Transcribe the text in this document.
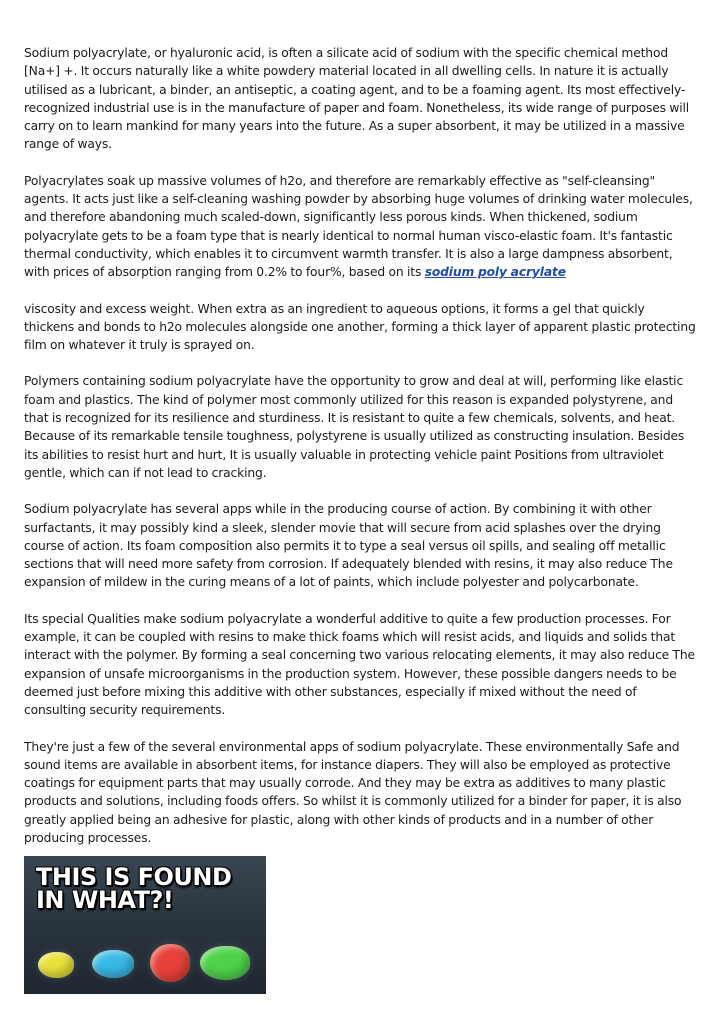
Sodium polyacrylate, or hyaluronic acid, is often a silicate acid of sodium with the specific chemical method [Na+] +. It occurs naturally like a white powdery material located in all dwelling cells. In nature it is actually utilised as a lubricant, a binder, an antiseptic, a coating agent, and to be a foaming agent. Its most effectively-recognized industrial use is in the manufacture of paper and foam. Nonetheless, its wide range of purposes will carry on to learn mankind for many years into the future. As a super absorbent, it may be utilized in a massive range of ways.

Polyacrylates soak up massive volumes of h2o, and therefore are remarkably effective as "self-cleansing" agents. It acts just like a self-cleaning washing powder by absorbing huge volumes of drinking water molecules, and therefore abandoning much scaled-down, significantly less porous kinds. When thickened, sodium polyacrylate gets to be a foam type that is nearly identical to normal human visco-elastic foam. It's fantastic thermal conductivity, which enables it to circumvent warmth transfer. It is also a large dampness absorbent, with prices of absorption ranging from 0.2% to four%, based on its sodium poly acrylate

viscosity and excess weight. When extra as an ingredient to aqueous options, it forms a gel that quickly thickens and bonds to h2o molecules alongside one another, forming a thick layer of apparent plastic protecting film on whatever it truly is sprayed on.

Polymers containing sodium polyacrylate have the opportunity to grow and deal at will, performing like elastic foam and plastics. The kind of polymer most commonly utilized for this reason is expanded polystyrene, and that is recognized for its resilience and sturdiness. It is resistant to quite a few chemicals, solvents, and heat. Because of its remarkable tensile toughness, polystyrene is usually utilized as constructing insulation. Besides its abilities to resist hurt and hurt, It is usually valuable in protecting vehicle paint Positions from ultraviolet gentle, which can if not lead to cracking.

Sodium polyacrylate has several apps while in the producing course of action. By combining it with other surfactants, it may possibly kind a sleek, slender movie that will secure from acid splashes over the drying course of action. Its foam composition also permits it to type a seal versus oil spills, and sealing off metallic sections that will need more safety from corrosion. If adequately blended with resins, it may also reduce The expansion of mildew in the curing means of a lot of paints, which include polyester and polycarbonate.

Its special Qualities make sodium polyacrylate a wonderful additive to quite a few production processes. For example, it can be coupled with resins to make thick foams which will resist acids, and liquids and solids that interact with the polymer. By forming a seal concerning two various relocating elements, it may also reduce The expansion of unsafe microorganisms in the production system. However, these possible dangers needs to be deemed just before mixing this additive with other substances, especially if mixed without the need of consulting security requirements.

They're just a few of the several environmental apps of sodium polyacrylate. These environmentally Safe and sound items are available in absorbent items, for instance diapers. They will also be employed as protective coatings for equipment parts that may usually corrode. And they may be extra as additives to many plastic products and solutions, including foods offers. So whilst it is commonly utilized for a binder for paper, it is also greatly applied being an adhesive for plastic, along with other kinds of products and in a number of other producing processes.

THIS IS FOUND
IN WHAT?!
